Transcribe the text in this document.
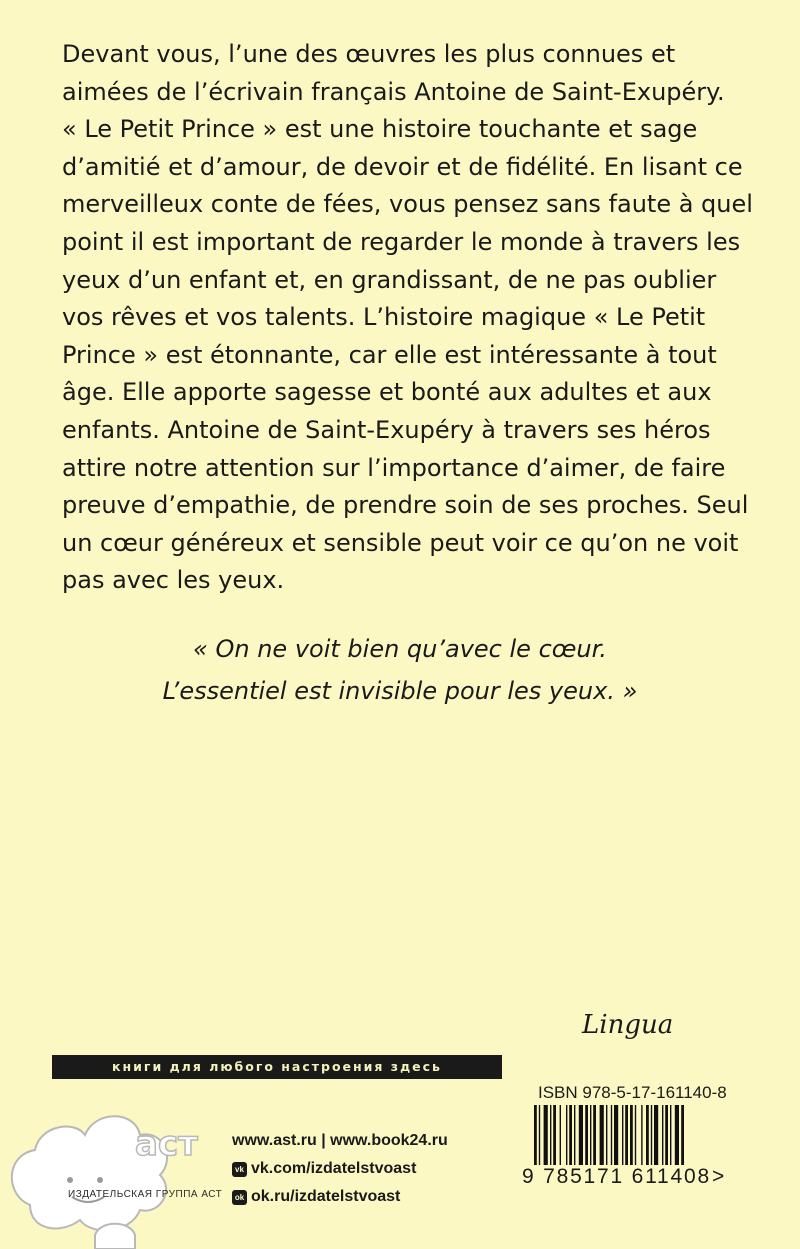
Devant vous, l’une des œuvres les plus connues et
aimées de l’écrivain français Antoine de Saint-Exupéry.
« Le Petit Prince » est une histoire touchante et sage
d’amitié et d’amour, de devoir et de fidélité. En lisant ce
merveilleux conte de fées, vous pensez sans faute à quel
point il est important de regarder le monde à travers les
yeux d’un enfant et, en grandissant, de ne pas oublier
vos rêves et vos talents. L’histoire magique « Le Petit
Prince » est étonnante, car elle est intéressante à tout
âge. Elle apporte sagesse et bonté aux adultes et aux
enfants. Antoine de Saint-Exupéry à travers ses héros
attire notre attention sur l’importance d’aimer, de faire
preuve d’empathie, de prendre soin de ses proches. Seul
un cœur généreux et sensible peut voir ce qu’on ne voit
pas avec les yeux.
« On ne voit bien qu’avec le cœur.
L’essentiel est invisible pour les yeux. »
Lingua
книги для любого настроения здесь
ISBN 978-5-17-161140-8
9 785171 611408 >
аст
ИЗДАТЕЛЬСКАЯ ГРУППА АСТ
www.ast.ru | www.book24.ru
vk vk.com/izdatelstvoast
ok ok.ru/izdatelstvoast
